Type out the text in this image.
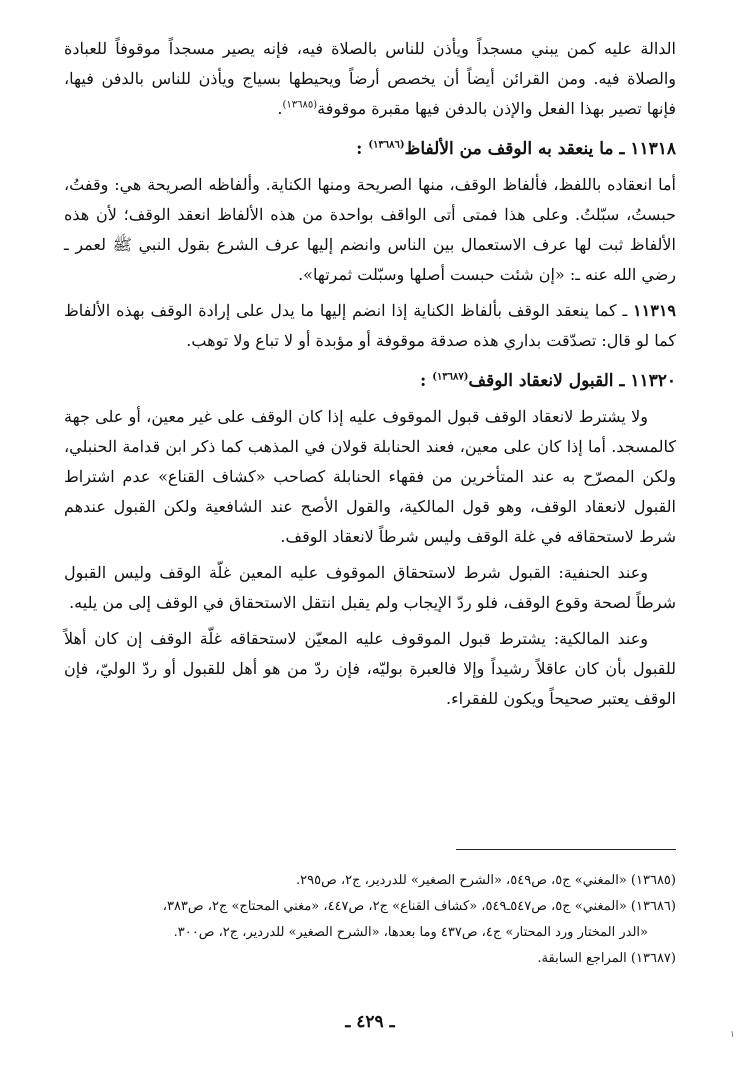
الدالة عليه كمن يبني مسجداً ويأذن للناس بالصلاة فيه، فإنه يصير مسجداً موقوفاً للعبادة والصلاة فيه. ومن القرائن أيضاً أن يخصص أرضاً ويحيطها بسياج ويأذن للناس بالدفن فيها، فإنها تصير بهذا الفعل والإذن بالدفن فيها مقبرة موقوفة$^{(١٣٦٨٥)}$.

١١٣١٨ ـ ما ينعقد به الوقف من الألفاظ$^{(١٣٦٨٦)}$ :

أما انعقاده باللفظ، فألفاظ الوقف، منها الصريحة ومنها الكناية. وألفاظه الصريحة هي: وقفتُ، حبستُ، سبّلتُ. وعلى هذا فمتى أتى الواقف بواحدة من هذه الألفاظ انعقد الوقف؛ لأن هذه الألفاظ ثبت لها عرف الاستعمال بين الناس وانضم إليها عرف الشرع بقول النبي ﷺ لعمر ـ رضي الله عنه ـ: «إن شئت حبست أصلها وسبّلت ثمرتها».

١١٣١٩ ـ كما ينعقد الوقف بألفاظ الكناية إذا انضم إليها ما يدل على إرادة الوقف بهذه الألفاظ كما لو قال: تصدّقت بداري هذه صدقة موقوفة أو مؤبدة أو لا تباع ولا توهب.

١١٣٢٠ ـ القبول لانعقاد الوقف$^{(١٣٦٨٧)}$ :

ولا يشترط لانعقاد الوقف قبول الموقوف عليه إذا كان الوقف على غير معين، أو على جهة كالمسجد. أما إذا كان على معين، فعند الحنابلة قولان في المذهب كما ذكر ابن قدامة الحنبلي، ولكن المصرّح به عند المتأخرين من فقهاء الحنابلة كصاحب «كشاف القناع» عدم اشتراط القبول لانعقاد الوقف، وهو قول المالكية، والقول الأصح عند الشافعية ولكن القبول عندهم شرط لاستحقاقه في غلة الوقف وليس شرطاً لانعقاد الوقف.

وعند الحنفية: القبول شرط لاستحقاق الموقوف عليه المعين غلّة الوقف وليس القبول شرطاً لصحة وقوع الوقف، فلو ردّ الإيجاب ولم يقبل انتقل الاستحقاق في الوقف إلى من يليه.

وعند المالكية: يشترط قبول الموقوف عليه المعيّن لاستحقاقه غلّة الوقف إن كان أهلاً للقبول بأن كان عاقلاً رشيداً وإلا فالعبرة بوليّه، فإن ردّ من هو أهل للقبول أو ردّ الوليّ، فإن الوقف يعتبر صحيحاً ويكون للفقراء.

(١٣٦٨٥) «المغني» ج٥، ص٥٤٩، «الشرح الصغير» للدردير، ج٢، ص٢٩٥.

(١٣٦٨٦) «المغني» ج٥، ص٥٤٧ـ٥٤٩، «كشاف القناع» ج٢، ص٤٤٧، «مغني المحتاج» ج٢، ص٣٨٣،

«الدر المختار ورد المحتار» ج٤، ص٤٣٧ وما بعدها، «الشرح الصغير» للدردير، ج٢، ص٣٠٠.

(١٣٦٨٧) المراجع السابقة.

ـ ٤٢٩ ـ
١
